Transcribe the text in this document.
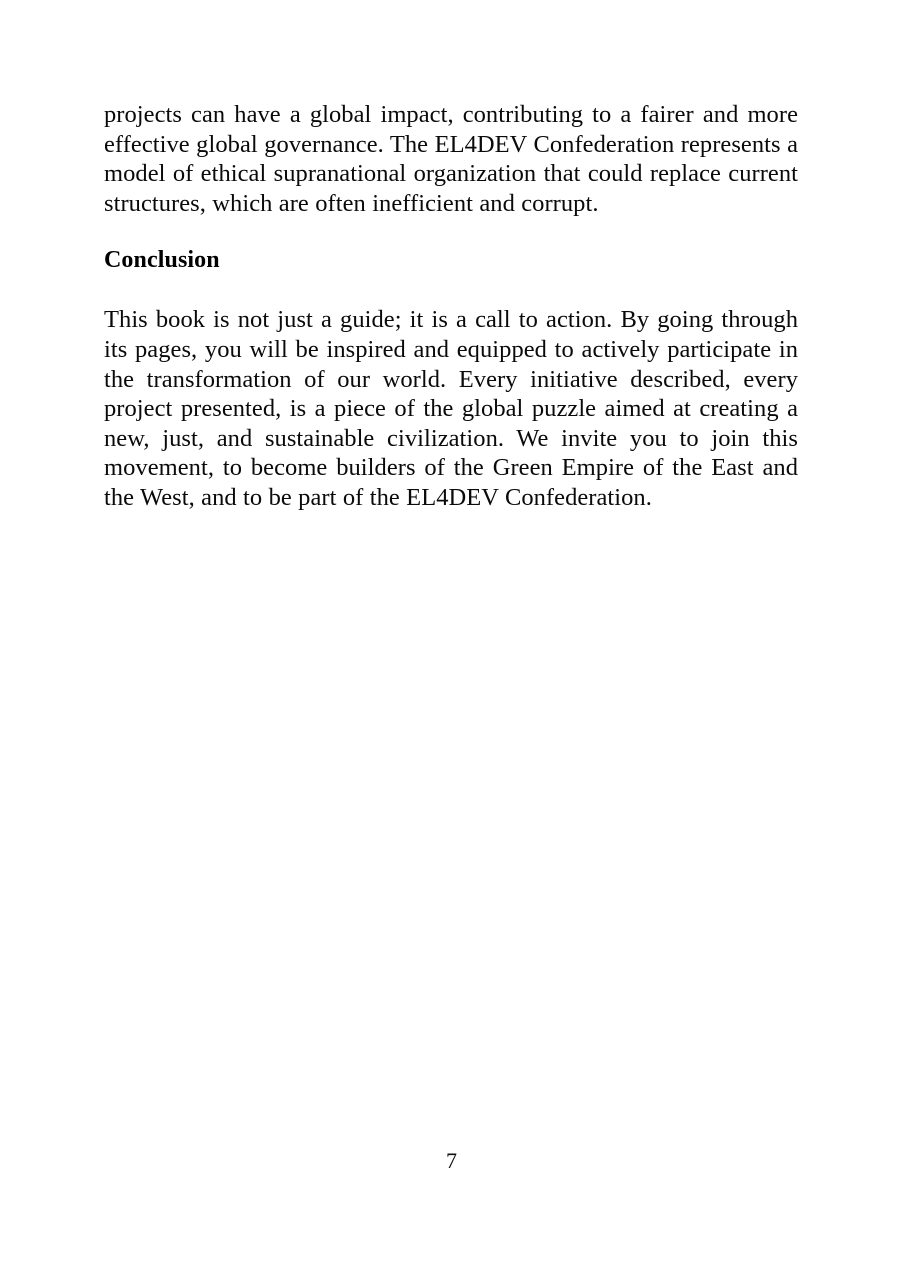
projects can have a global impact, contributing to a fairer and more effective global governance. The EL4DEV Confederation represents a model of ethical supranational organization that could replace current structures, which are often inefficient and corrupt.

Conclusion

This book is not just a guide; it is a call to action. By going through its pages, you will be inspired and equipped to actively participate in the transformation of our world. Every initiative described, every project presented, is a piece of the global puzzle aimed at creating a new, just, and sustainable civilization. We invite you to join this movement, to become builders of the Green Empire of the East and the West, and to be part of the EL4DEV Confederation.

7
